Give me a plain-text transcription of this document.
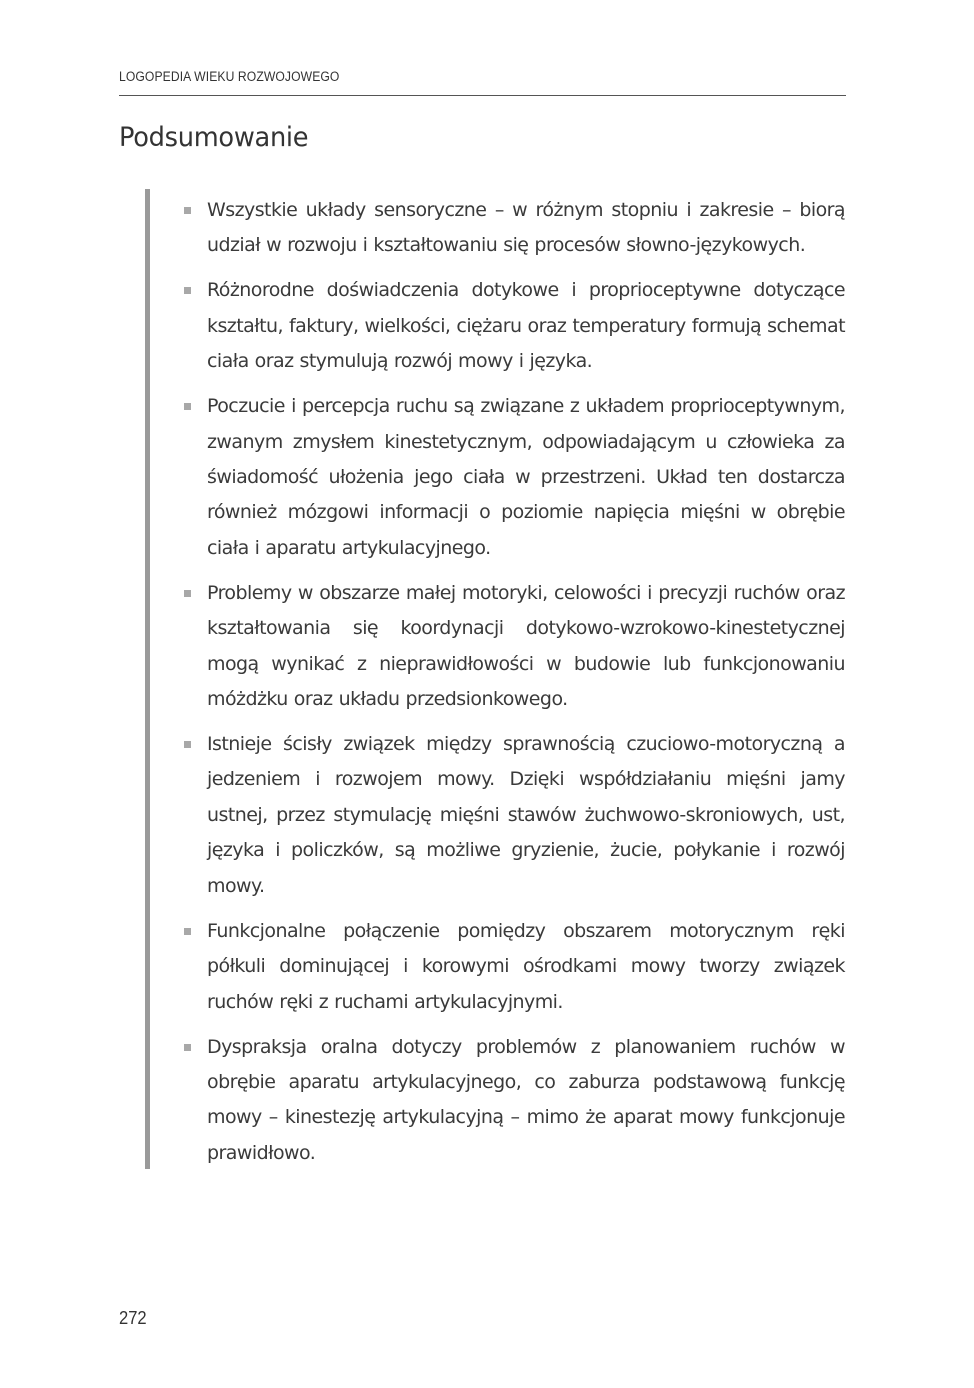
LOGOPEDIA WIEKU ROZWOJOWEGO
Podsumowanie
Wszystkie układy sensoryczne – w różnym stopniu i zakresie – biorą udział w rozwoju i kształtowaniu się procesów słowno-językowych.
Różnorodne doświadczenia dotykowe i proprioceptywne dotyczące kształtu, faktury, wielkości, ciężaru oraz temperatury formują schemat ciała oraz stymulują rozwój mowy i języka.
Poczucie i percepcja ruchu są związane z układem proprioceptywnym, zwanym zmysłem kinestetycznym, odpowiadającym u człowieka za świadomość ułożenia jego ciała w przestrzeni. Układ ten dostarcza również mózgowi informacji o poziomie napięcia mięśni w obrębie ciała i aparatu artykulacyjnego.
Problemy w obszarze małej motoryki, celowości i precyzji ruchów oraz kształtowania się koordynacji dotykowo-wzrokowo-kinestetycznej mogą wynikać z nieprawidłowości w budowie lub funkcjonowaniu móżdżku oraz układu przedsionkowego.
Istnieje ścisły związek między sprawnością czuciowo-motoryczną a jedzeniem i rozwojem mowy. Dzięki współdziałaniu mięśni jamy ustnej, przez stymulację mięśni stawów żuchwowo-skroniowych, ust, języka i policzków, są możliwe gryzienie, żucie, połykanie i rozwój mowy.
Funkcjonalne połączenie pomiędzy obszarem motorycznym ręki półkuli dominującej i korowymi ośrodkami mowy tworzy związek ruchów ręki z ruchami artykulacyjnymi.
Dyspraksja oralna dotyczy problemów z planowaniem ruchów w obrębie aparatu artykulacyjnego, co zaburza podstawową funkcję mowy – kinestezję artykulacyjną – mimo że aparat mowy funkcjonuje prawidłowo.
272
